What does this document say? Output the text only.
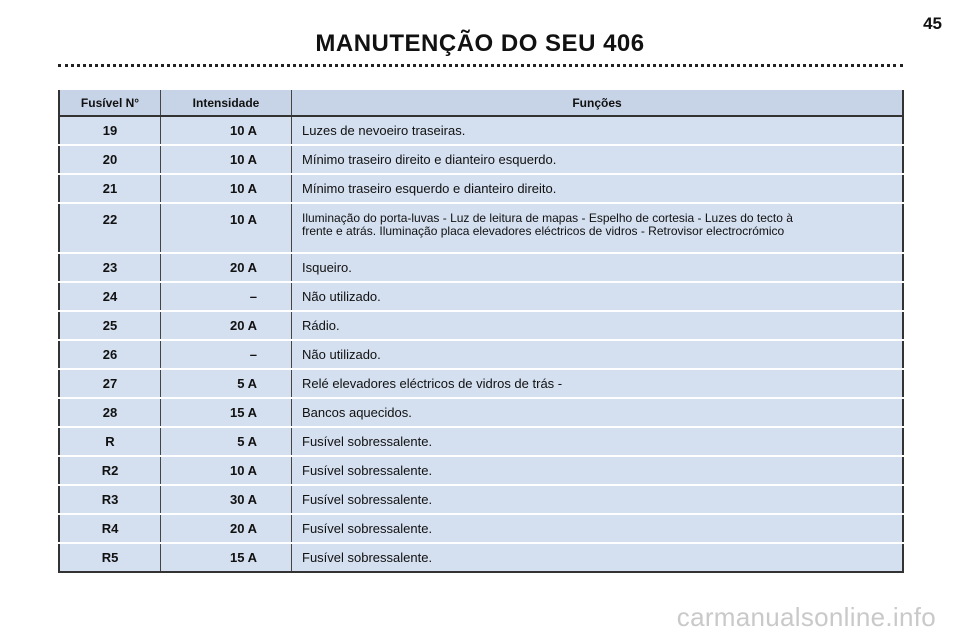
45
MANUTENÇÃO DO SEU 406
Fusível N°	Intensidade	Funções
19	10 A	Luzes de nevoeiro traseiras.
20	10 A	Mínimo traseiro direito e dianteiro esquerdo.
21	10 A	Mínimo traseiro esquerdo e dianteiro direito.
22	10 A	Iluminação do porta-luvas - Luz de leitura de mapas - Espelho de cortesia - Luzes do tecto à
frente e atrás. Iluminação placa elevadores eléctricos de vidros - Retrovisor electrocrómico

23	20 A	Isqueiro.
24	–	Não utilizado.
25	20 A	Rádio.
26	–	Não utilizado.
27	5 A	Relé elevadores eléctricos de vidros de trás -
28	15 A	Bancos aquecidos.
R	5 A	Fusível sobressalente.
R2	10 A	Fusível sobressalente.
R3	30 A	Fusível sobressalente.
R4	20 A	Fusível sobressalente.
R5	15 A	Fusível sobressalente.
carmanualsonline.info
